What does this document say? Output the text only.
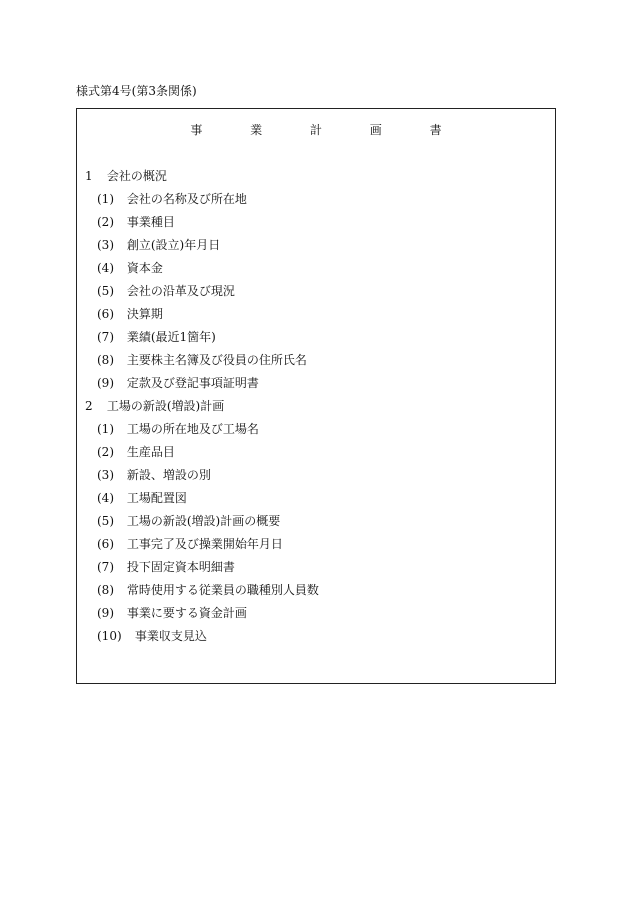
様式第4号(第3条関係)
事 業 計 画 書
1 会社の概況
(1) 会社の名称及び所在地
(2) 事業種目
(3) 創立(設立)年月日
(4) 資本金
(5) 会社の沿革及び現況
(6) 決算期
(7) 業績(最近1箇年)
(8) 主要株主名簿及び役員の住所氏名
(9) 定款及び登記事項証明書
2 工場の新設(増設)計画
(1) 工場の所在地及び工場名
(2) 生産品目
(3) 新設、増設の別
(4) 工場配置図
(5) 工場の新設(増設)計画の概要
(6) 工事完了及び操業開始年月日
(7) 投下固定資本明細書
(8) 常時使用する従業員の職種別人員数
(9) 事業に要する資金計画
(10) 事業収支見込
